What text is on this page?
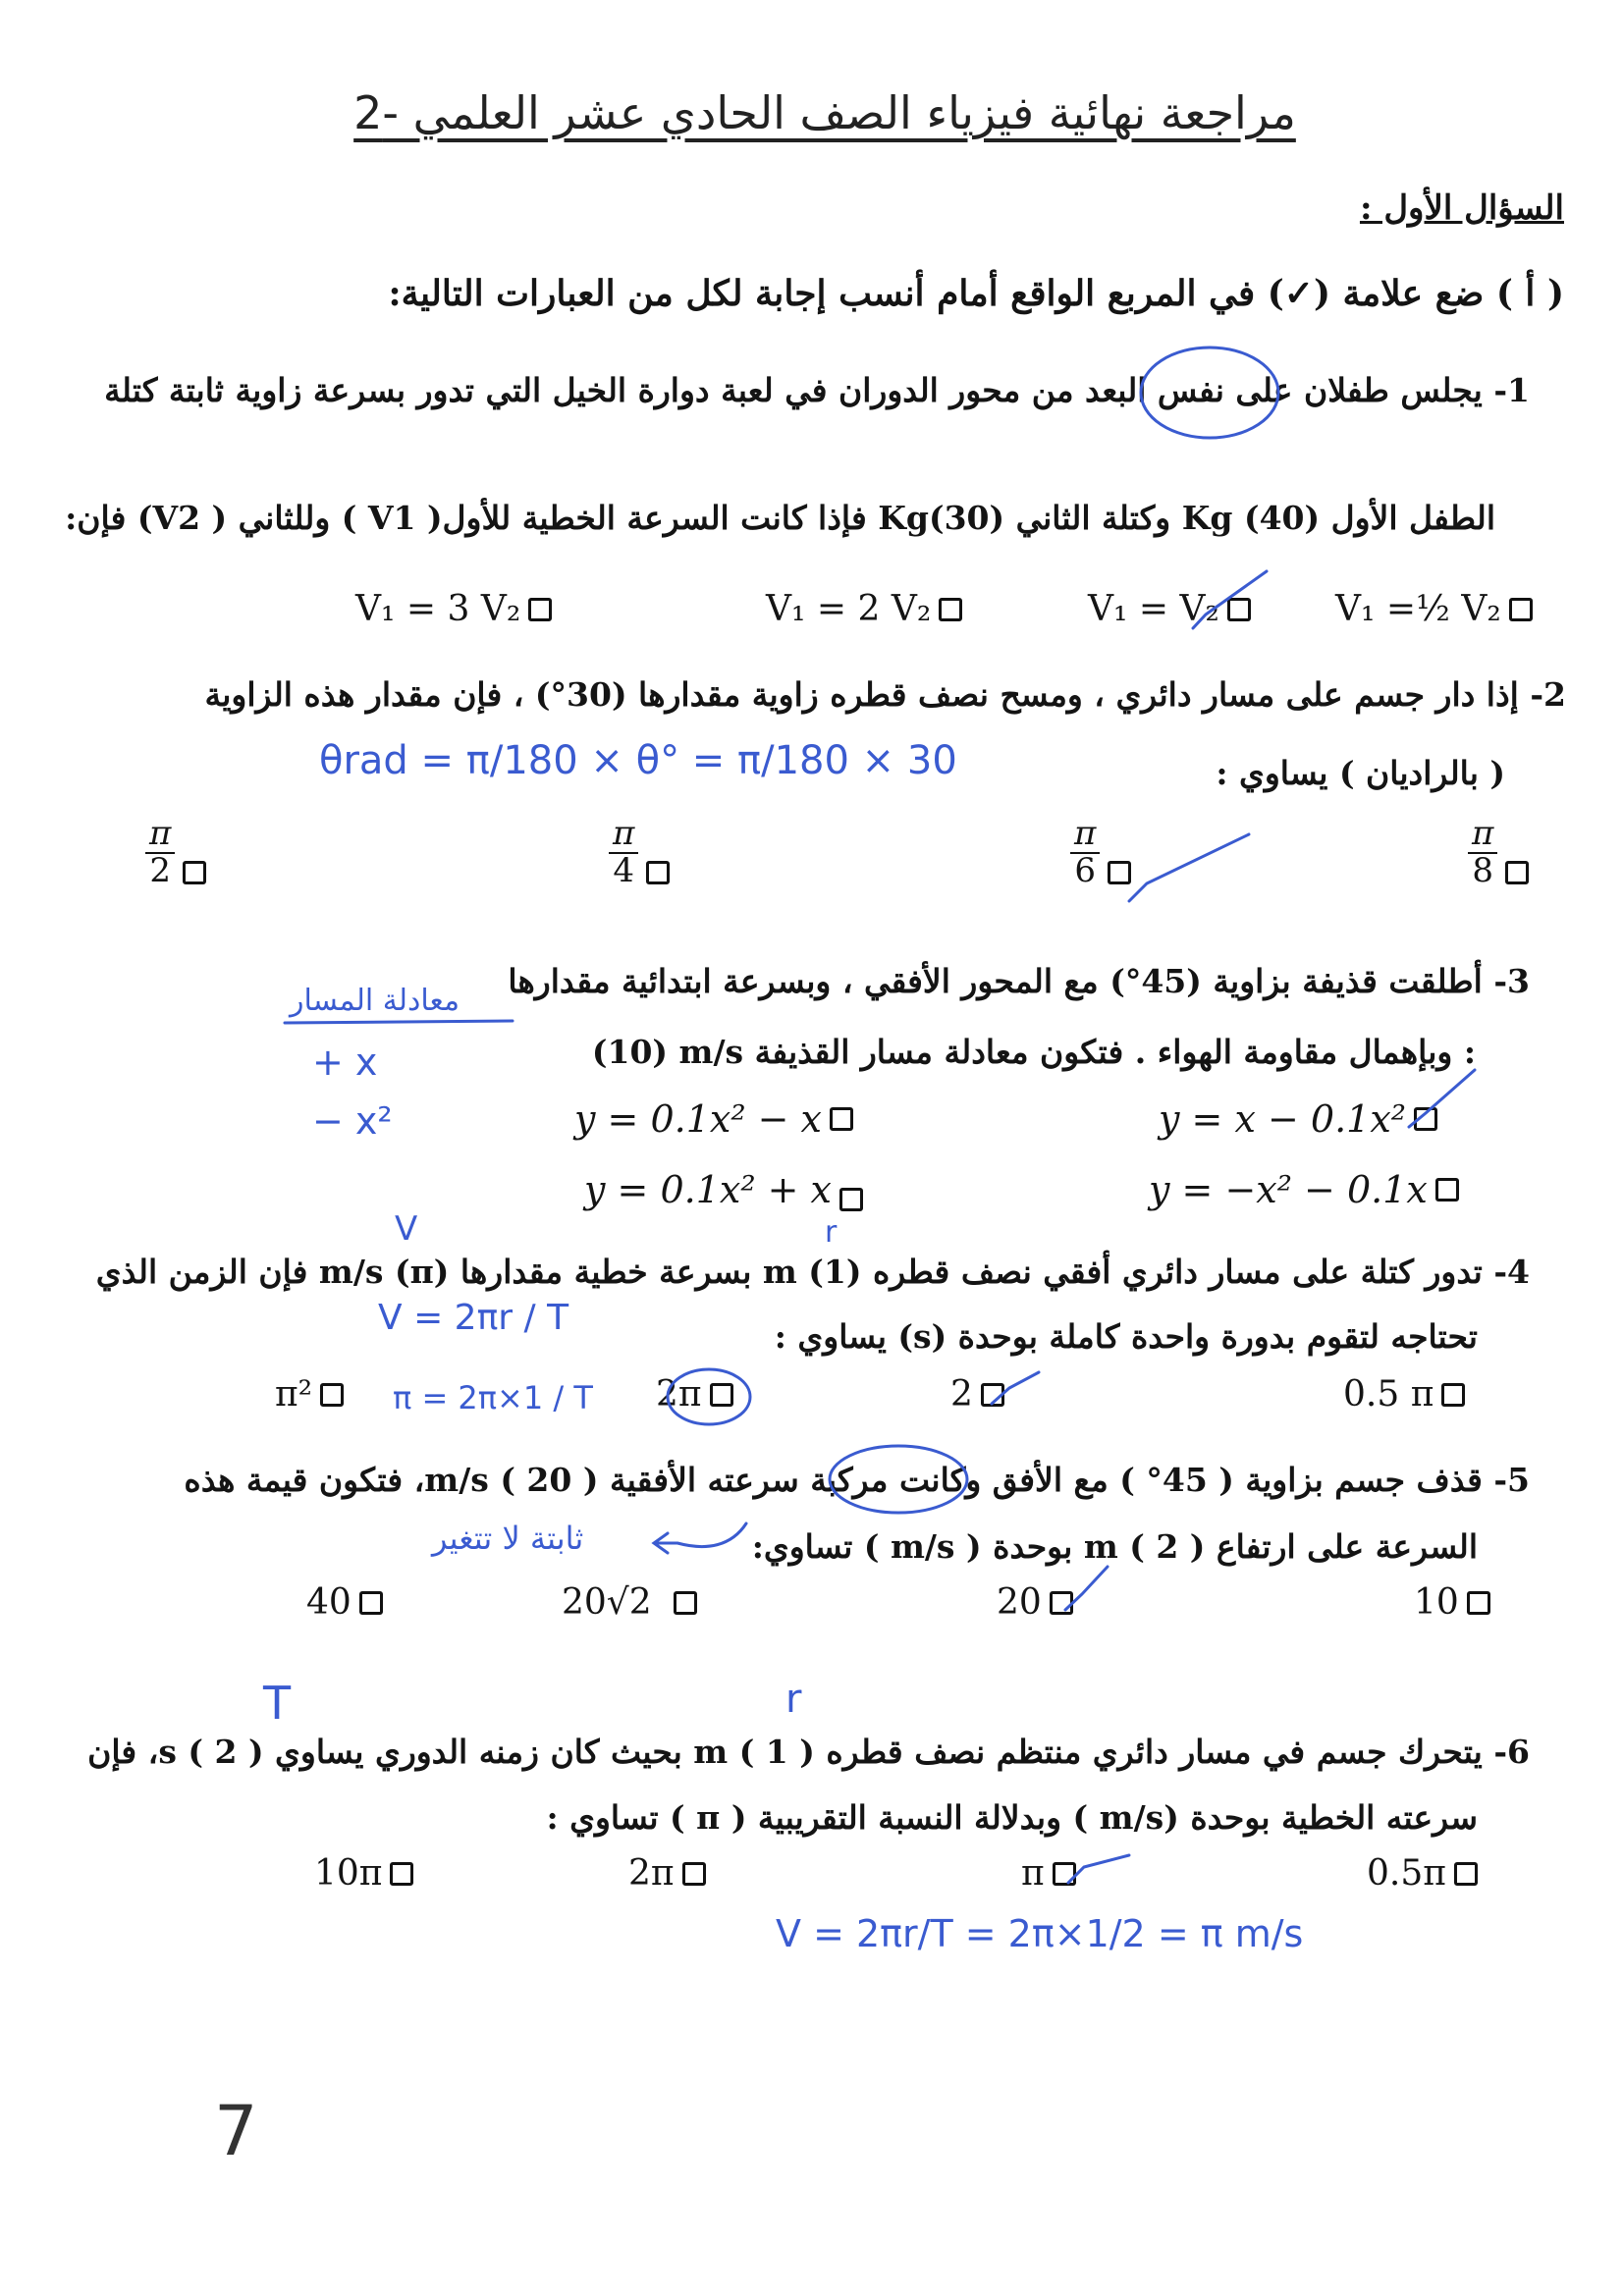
مراجعة نهائية فيزياء الصف الحادي عشر العلمي -2
السؤال الأول :
( أ ) ضع علامة (✓) في المربع الواقع أمام أنسب إجابة لكل من العبارات التالية:
1- يجلس طفلان على نفس البعد من محور الدوران في لعبة دوارة الخيل التي تدور بسرعة زاوية ثابتة كتلة
الطفل الأول Kg (40) وكتلة الثاني Kg(30) فإذا كانت السرعة الخطية للأول( V1 ) وللثاني ( V2) فإن:
V₁ = 3 V₂	V₁ = 2 V₂	V₁ = V₂	V₁ =½ V₂
2- إذا دار جسم على مسار دائري ، ومسح نصف قطره زاوية مقدارها (30°) ، فإن مقدار هذه الزاوية
( بالراديان ) يساوي :
θrad = π/180 × θ° = π/180 × 30
$\frac{\pi}{2}$	$\frac{\pi}{4}$	$\frac{\pi}{6}$	$\frac{\pi}{8}$
3- أطلقت قذيفة بزاوية (45°) مع المحور الأفقي ، وبسرعة ابتدائية مقدارها
(10) m/s وبإهمال مقاومة الهواء . فتكون معادلة مسار القذيفة :
معادلة المسار
+ x
− x²	y = 0.1x² − x	y = x − 0.1x²
y = 0.1x² + x	y = −x² − 0.1x
V	r
4- تدور كتلة على مسار دائري أفقي نصف قطره m (1) بسرعة خطية مقدارها m/s (π) فإن الزمن الذي
تحتاجه لتقوم بدورة واحدة كاملة بوحدة (s) يساوي :
V = 2πr / T
π = 2π×1 / T
π²	2π	2	0.5 π
5- قذف جسم بزاوية ( 45° ) مع الأفق وكانت مركبة سرعته الأفقية m/s ( 20 )، فتكون قيمة هذه
السرعة على ارتفاع m ( 2 ) بوحدة ( m/s ) تساوي:
ثابتة لا تتغير
40	20√2	20	10
T	r
6- يتحرك جسم في مسار دائري منتظم نصف قطره m ( 1 ) بحيث كان زمنه الدوري يساوي s ( 2 )، فإن
سرعته الخطية بوحدة (m/s ) وبدلالة النسبة التقريبية ( π ) تساوي :
10π	2π	π	0.5π
V = 2πr/T = 2π×1/2 = π m/s
7
